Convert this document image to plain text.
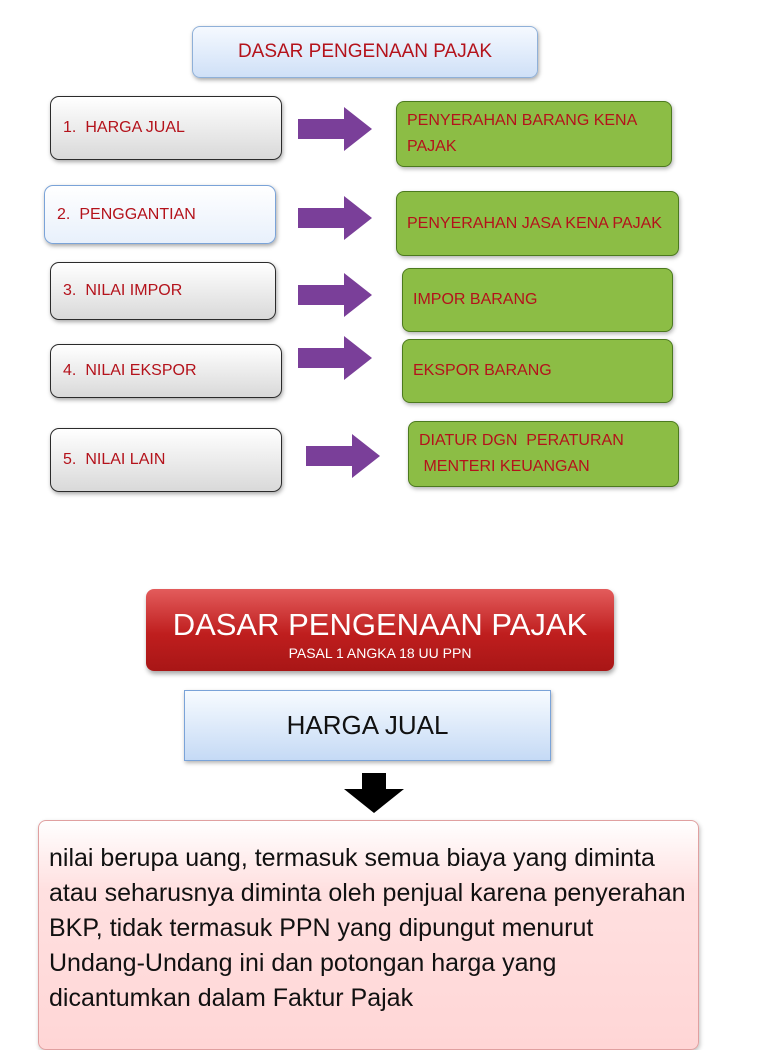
DASAR PENGENAAN PAJAK
1. HARGA JUAL	PENYERAHAN BARANG KENA PAJAK
2. PENGGANTIAN
PENYERAHAN JASA KENA PAJAK
3. NILAI IMPOR
IMPOR BARANG
4. NILAI EKSPOR	EKSPOR BARANG
5. NILAI LAIN
DIATUR DGN  PERATURAN
MENTERI KEUANGAN
DASAR PENGENAAN PAJAK
PASAL 1 ANGKA 18 UU PPN
HARGA JUAL
nilai berupa uang, termasuk semua biaya yang diminta atau seharusnya diminta oleh penjual karena penyerahan BKP, tidak termasuk PPN yang dipungut menurut Undang-Undang ini dan potongan harga yang dicantumkan dalam Faktur Pajak
